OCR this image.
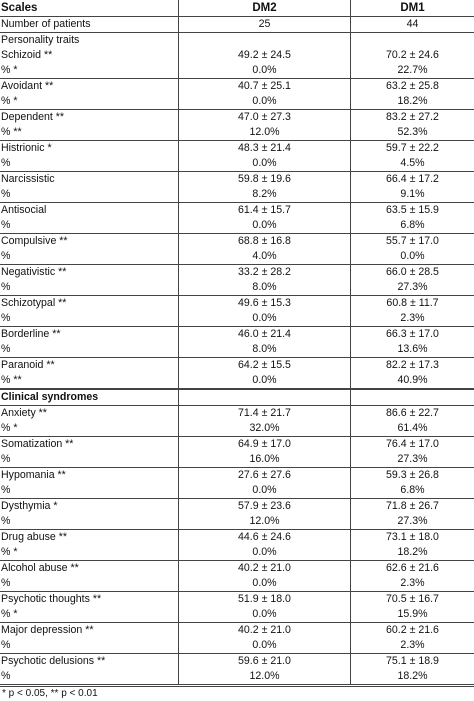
Scales	DM2	DM1
Number of patients	25	44
Personality traits
Schizoid **	49.2 ± 24.5	70.2 ± 24.6
% *	0.0%	22.7%
Avoidant **	40.7 ± 25.1	63.2 ± 25.8
% *	0.0%	18.2%
Dependent **	47.0 ± 27.3	83.2 ± 27.2
% **	12.0%	52.3%
Histrionic *	48.3 ± 21.4	59.7 ± 22.2
%	0.0%	4.5%
Narcissistic	59.8 ± 19.6	66.4 ± 17.2
%	8.2%	9.1%
Antisocial	61.4 ± 15.7	63.5 ± 15.9
%	0.0%	6.8%
Compulsive **	68.8 ± 16.8	55.7 ± 17.0
%	4.0%	0.0%
Negativistic **	33.2 ± 28.2	66.0 ± 28.5
%	8.0%	27.3%
Schizotypal **	49.6 ± 15.3	60.8 ± 11.7
%	0.0%	2.3%
Borderline **	46.0 ± 21.4	66.3 ± 17.0
%	8.0%	13.6%
Paranoid **	64.2 ± 15.5	82.2 ± 17.3
% **	0.0%	40.9%
Clinical syndromes
Anxiety **	71.4 ± 21.7	86.6 ± 22.7
% *	32.0%	61.4%
Somatization **	64.9 ± 17.0	76.4 ± 17.0
%	16.0%	27.3%
Hypomania **	27.6 ± 27.6	59.3 ± 26.8
%	0.0%	6.8%
Dysthymia *	57.9 ± 23.6	71.8 ± 26.7
%	12.0%	27.3%
Drug abuse **	44.6 ± 24.6	73.1 ± 18.0
% *	0.0%	18.2%
Alcohol abuse **	40.2 ± 21.0	62.6 ± 21.6
%	0.0%	2.3%
Psychotic thoughts **	51.9 ± 18.0	70.5 ± 16.7
% *	0.0%	15.9%
Major depression **	40.2 ± 21.0	60.2 ± 21.6
%	0.0%	2.3%
Psychotic delusions **	59.6 ± 21.0	75.1 ± 18.9
%	12.0%	18.2%
* p < 0.05, ** p < 0.01
